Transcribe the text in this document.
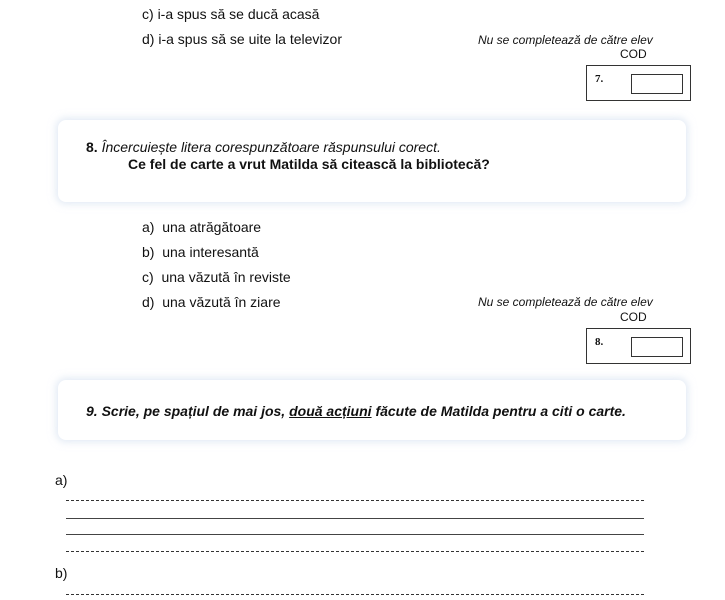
c) i-a spus să se ducă acasă
d) i-a spus să se uite la televizor	Nu se completează de către elev
COD
7.
8. Încercuiește litera corespunzătoare răspunsului corect.
Ce fel de carte a vrut Matilda să citească la bibliotecă?
a) una atrăgătoare
b) una interesantă
c) una văzută în reviste
d) una văzută în ziare	Nu se completează de către elev
COD
8.
9. Scrie, pe spațiul de mai jos, două acțiuni făcute de Matilda pentru a citi o carte.
a)
b)
